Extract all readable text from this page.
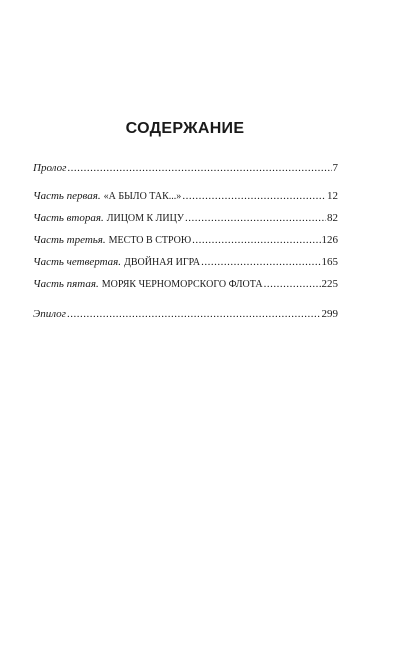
СОДЕРЖАНИЕ
Пролог .....	7
Часть первая. «А БЫЛО ТАК...» .....	12
Часть вторая. ЛИЦОМ К ЛИЦУ .....	82
Часть третья. МЕСТО В СТРОЮ .....	126
Часть четвертая. ДВОЙНАЯ ИГРА .....	165
Часть пятая. МОРЯК ЧЕРНОМОРСКОГО ФЛОТА .....	225
Эпилог .....	299
